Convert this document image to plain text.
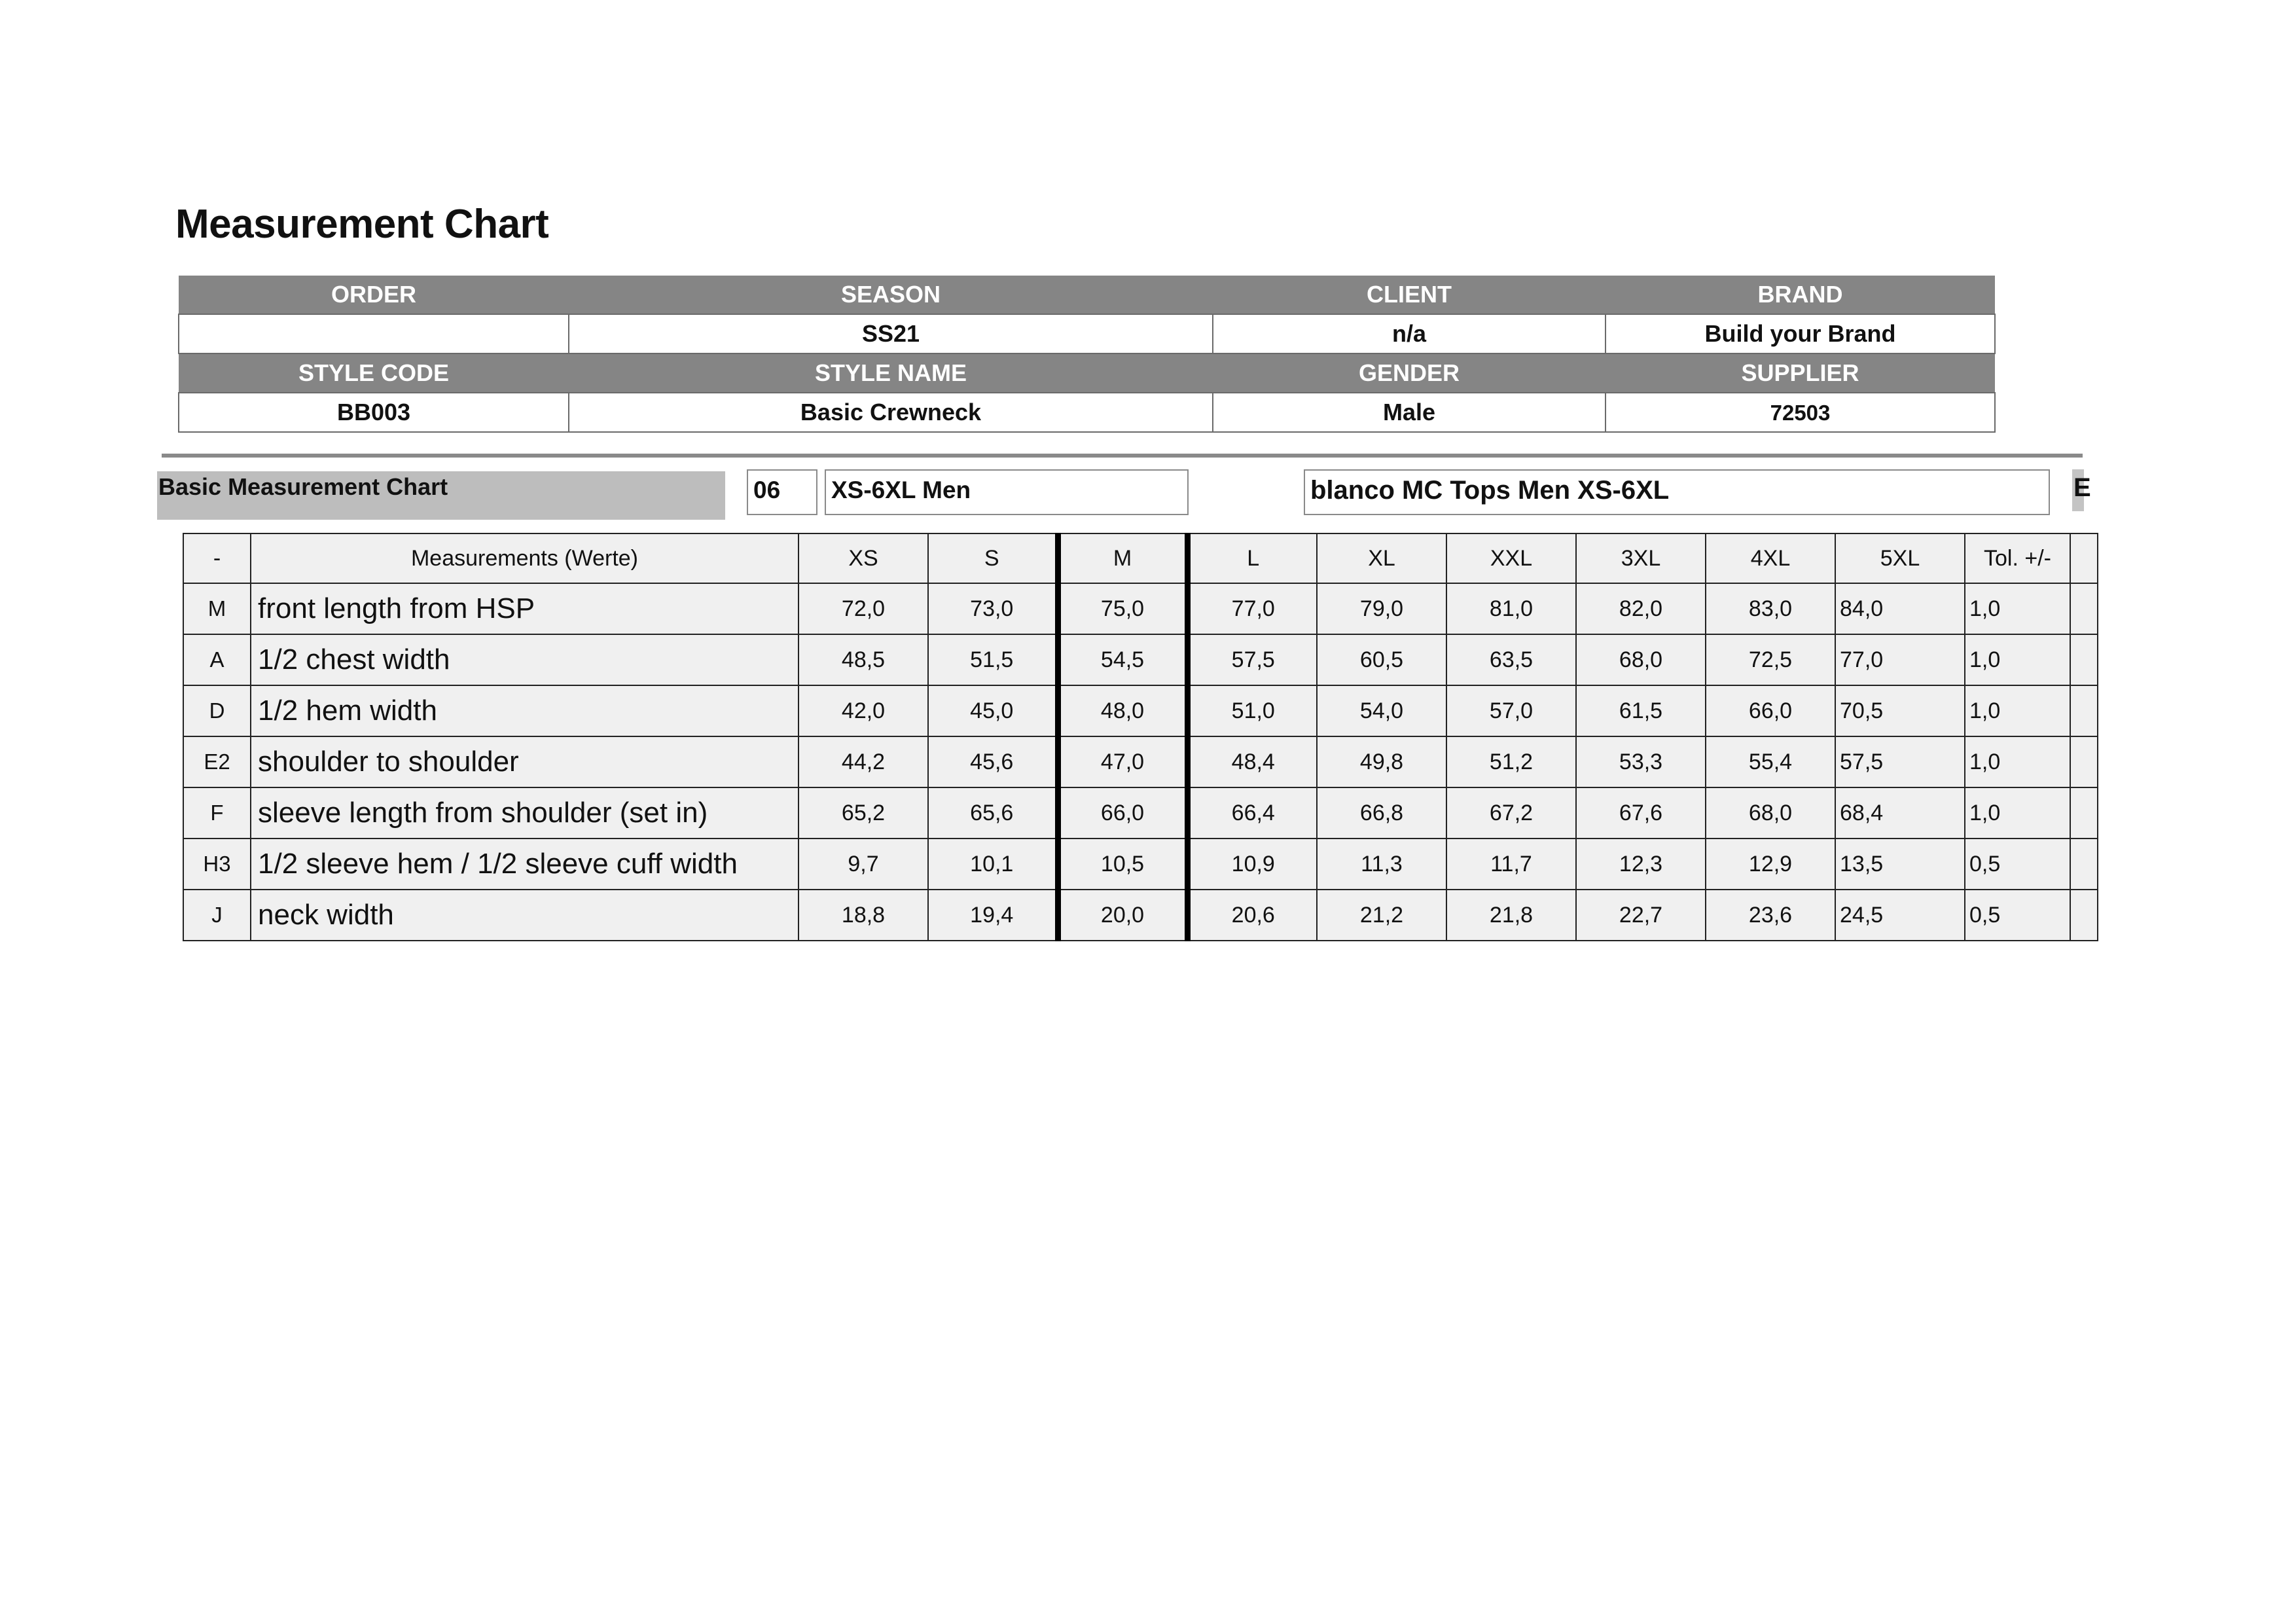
Measurement Chart
ORDER	SEASON	CLIENT	BRAND
	SS21	n/a	Build your Brand
STYLE CODE	STYLE NAME	GENDER	SUPPLIER
BB003	Basic Crewneck	Male	72503
Basic Measurement Chart	06	XS-6XL Men	blanco MC Tops Men XS-6XL	E
-	Measurements (Werte)	XS	S	M	L	XL	XXL	3XL	4XL	5XL	Tol. +/-	
M	front length from HSP	72,0	73,0	75,0	77,0	79,0	81,0	82,0	83,0	84,0	1,0	
A	1/2 chest width	48,5	51,5	54,5	57,5	60,5	63,5	68,0	72,5	77,0	1,0	
D	1/2 hem width	42,0	45,0	48,0	51,0	54,0	57,0	61,5	66,0	70,5	1,0	
E2	shoulder to shoulder	44,2	45,6	47,0	48,4	49,8	51,2	53,3	55,4	57,5	1,0	
F	sleeve length from shoulder (set in)	65,2	65,6	66,0	66,4	66,8	67,2	67,6	68,0	68,4	1,0	
H3	1/2 sleeve hem / 1/2 sleeve cuff width	9,7	10,1	10,5	10,9	11,3	11,7	12,3	12,9	13,5	0,5	
J	neck width	18,8	19,4	20,0	20,6	21,2	21,8	22,7	23,6	24,5	0,5	
